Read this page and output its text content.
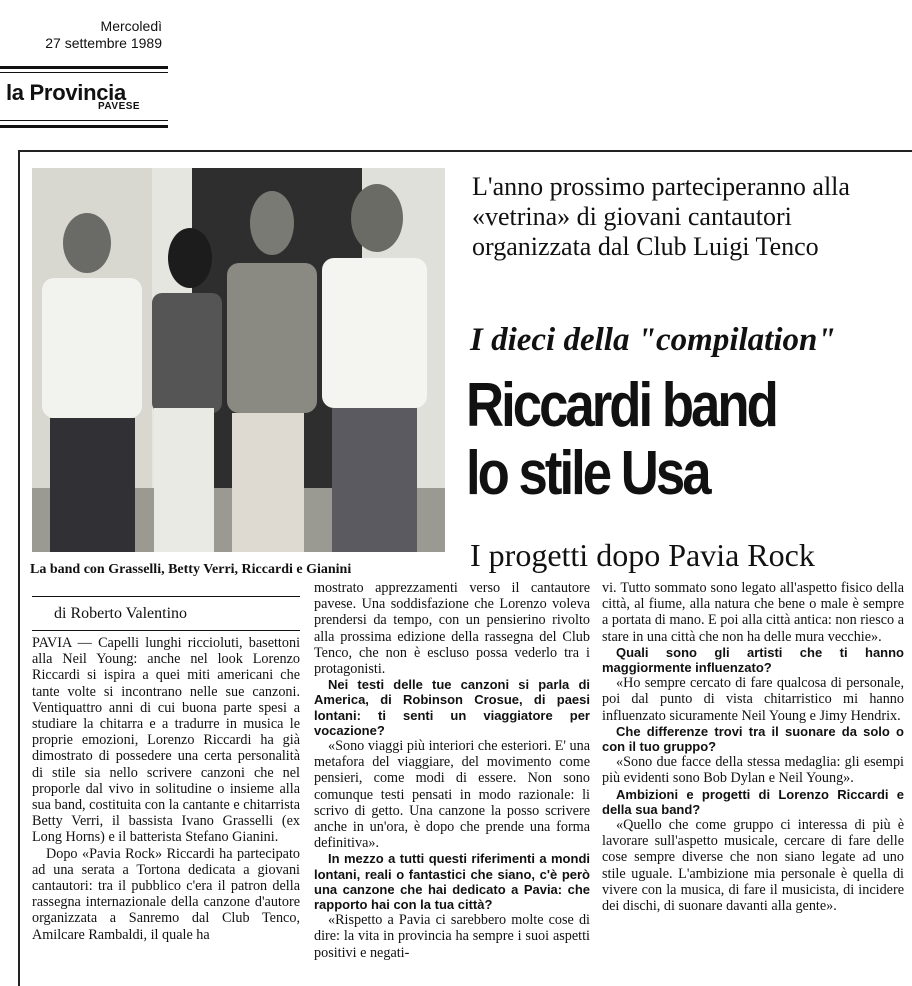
Mercoledì
27 settembre 1989
la Provincia
PAVESE
La band con Grasselli, Betty Verri, Riccardi e Gianini
L'anno prossimo parteciperanno alla «vetrina» di giovani cantautori organizzata dal Club Luigi Tenco
I dieci della "compilation"
Riccardi band
lo stile Usa
I progetti dopo Pavia Rock
di Roberto Valentino

PAVIA — Capelli lunghi riccioluti, basettoni alla Neil Young: anche nel look Lorenzo Riccardi si ispira a quei miti americani che tante volte si incontrano nelle sue canzoni. Ventiquattro anni di cui buona parte spesi a studiare la chitarra e a tradurre in musica le proprie emozioni, Lorenzo Riccardi ha già dimostrato di possedere una certa personalità di stile sia nello scrivere canzoni che nel proporle dal vivo in solitudine o insieme alla sua band, costituita con la cantante e chitarrista Betty Verri, il bassista Ivano Grasselli (ex Long Horns) e il batterista Stefano Gianini.

Dopo «Pavia Rock» Riccardi ha partecipato ad una serata a Tortona dedicata a giovani cantautori: tra il pubblico c'era il patron della rassegna internazionale della canzone d'autore organizzata a Sanremo dal Club Tenco, Amilcare Rambaldi, il quale ha

mostrato apprezzamenti verso il cantautore pavese. Una soddisfazione che Lorenzo voleva prendersi da tempo, con un pensierino rivolto alla prossima edizione della rassegna del Club Tenco, che non è escluso possa vederlo tra i protagonisti.

Nei testi delle tue canzoni si parla di America, di Robinson Crosue, di paesi lontani: ti senti un viaggiatore per vocazione?

«Sono viaggi più interiori che esteriori. E' una metafora del viaggiare, del movimento come pensieri, come modi di essere. Non sono comunque testi pensati in modo razionale: li scrivo di getto. Una canzone la posso scrivere anche in un'ora, è dopo che prende una forma definitiva».

In mezzo a tutti questi riferimenti a mondi lontani, reali o fantastici che siano, c'è però una canzone che hai dedicato a Pavia: che rapporto hai con la tua città?

«Rispetto a Pavia ci sarebbero molte cose di dire: la vita in provincia ha sempre i suoi aspetti positivi e negati-

vi. Tutto sommato sono legato all'aspetto fisico della città, al fiume, alla natura che bene o male è sempre a portata di mano. E poi alla città antica: non riesco a stare in una città che non ha delle mura vecchie».

Quali sono gli artisti che ti hanno maggiormente influenzato?

«Ho sempre cercato di fare qualcosa di personale, poi dal punto di vista chitarristico mi hanno influenzato sicuramente Neil Young e Jimy Hendrix.

Che differenze trovi tra il suonare da solo o con il tuo gruppo?

«Sono due facce della stessa medaglia: gli esempi più evidenti sono Bob Dylan e Neil Young».

Ambizioni e progetti di Lorenzo Riccardi e della sua band?

«Quello che come gruppo ci interessa di più è lavorare sull'aspetto musicale, cercare di fare delle cose sempre diverse che non siano legate ad uno stile uguale. L'ambizione mia personale è quella di vivere con la musica, di fare il musicista, di incidere dei dischi, di suonare davanti alla gente».
